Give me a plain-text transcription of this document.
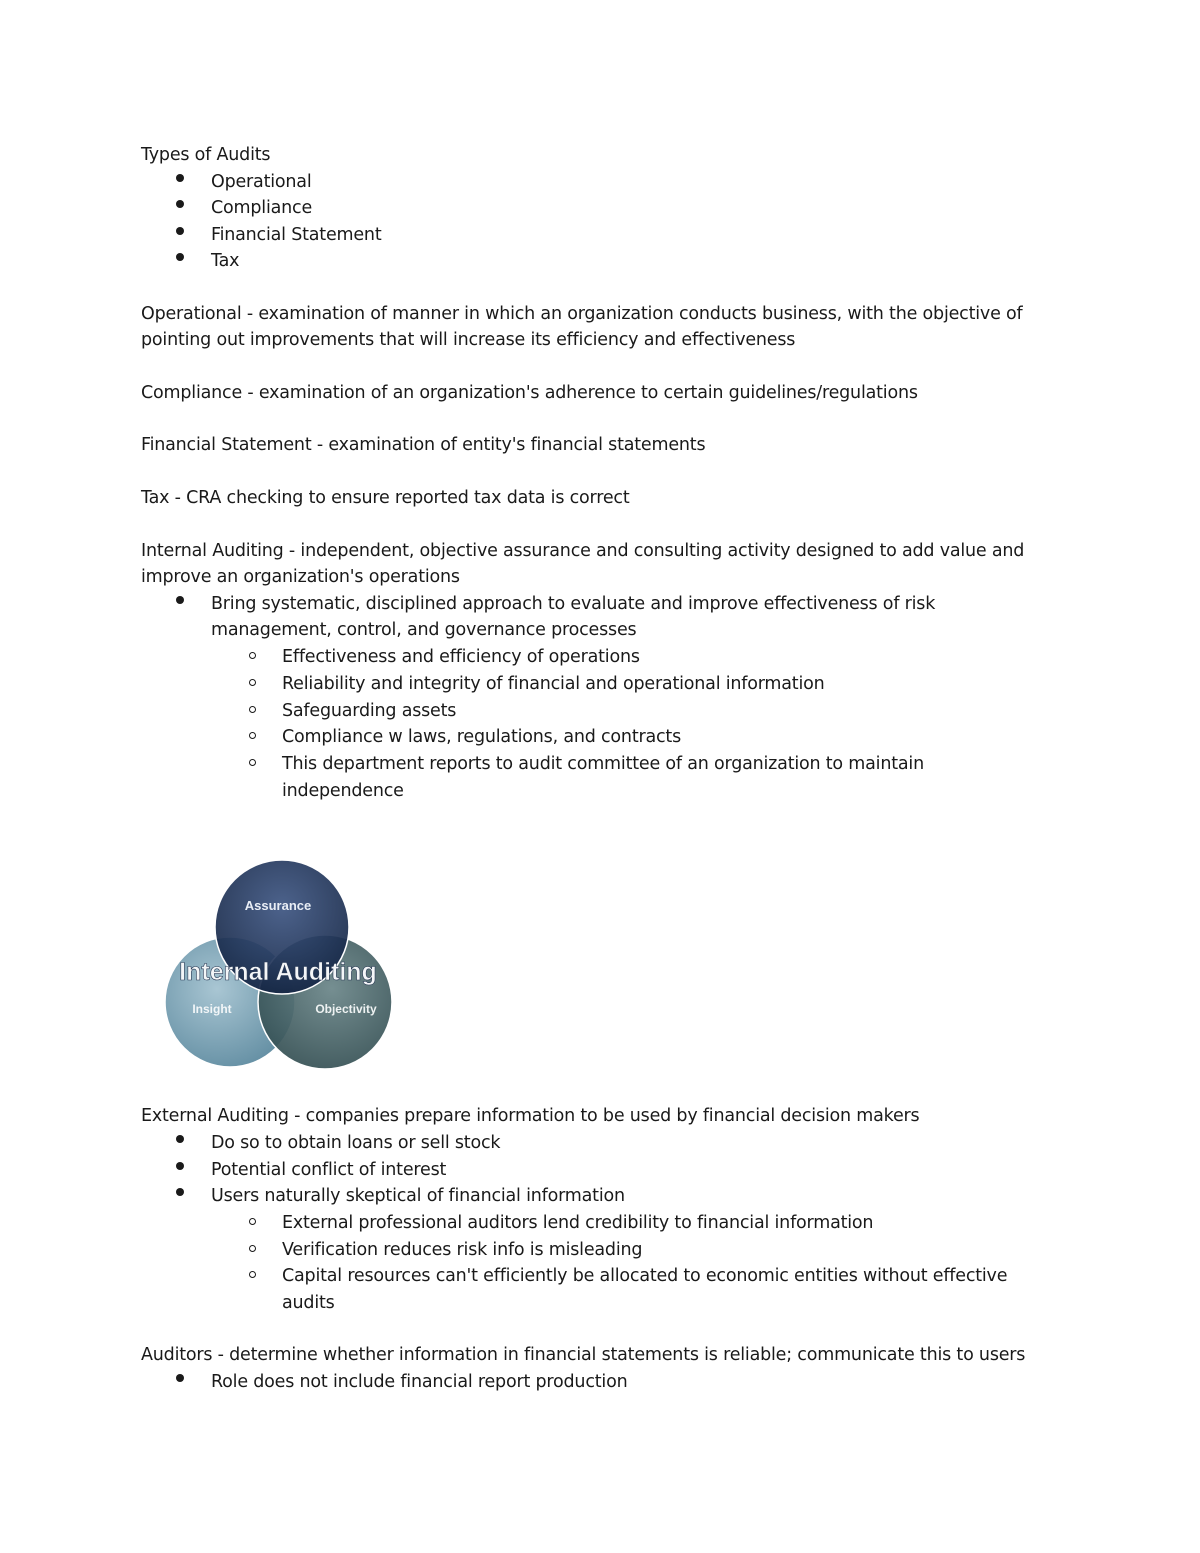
Types of Audits
Operational
Compliance
Financial Statement
Tax
Operational - examination of manner in which an organization conducts business, with the objective of
pointing out improvements that will increase its efficiency and effectiveness
Compliance - examination of an organization's adherence to certain guidelines/regulations
Financial Statement - examination of entity's financial statements
Tax - CRA checking to ensure reported tax data is correct
Internal Auditing - independent, objective assurance and consulting activity designed to add value and
improve an organization's operations
Bring systematic, disciplined approach to evaluate and improve effectiveness of risk
management, control, and governance processes
Effectiveness and efficiency of operations
Reliability and integrity of financial and operational information
Safeguarding assets
Compliance w laws, regulations, and contracts
This department reports to audit committee of an organization to maintain
independence
Assurance
Internal Auditing
Insight	Objectivity
External Auditing - companies prepare information to be used by financial decision makers
Do so to obtain loans or sell stock
Potential conflict of interest
Users naturally skeptical of financial information
External professional auditors lend credibility to financial information
Verification reduces risk info is misleading
Capital resources can't efficiently be allocated to economic entities without effective
audits
Auditors - determine whether information in financial statements is reliable; communicate this to users
Role does not include financial report production
